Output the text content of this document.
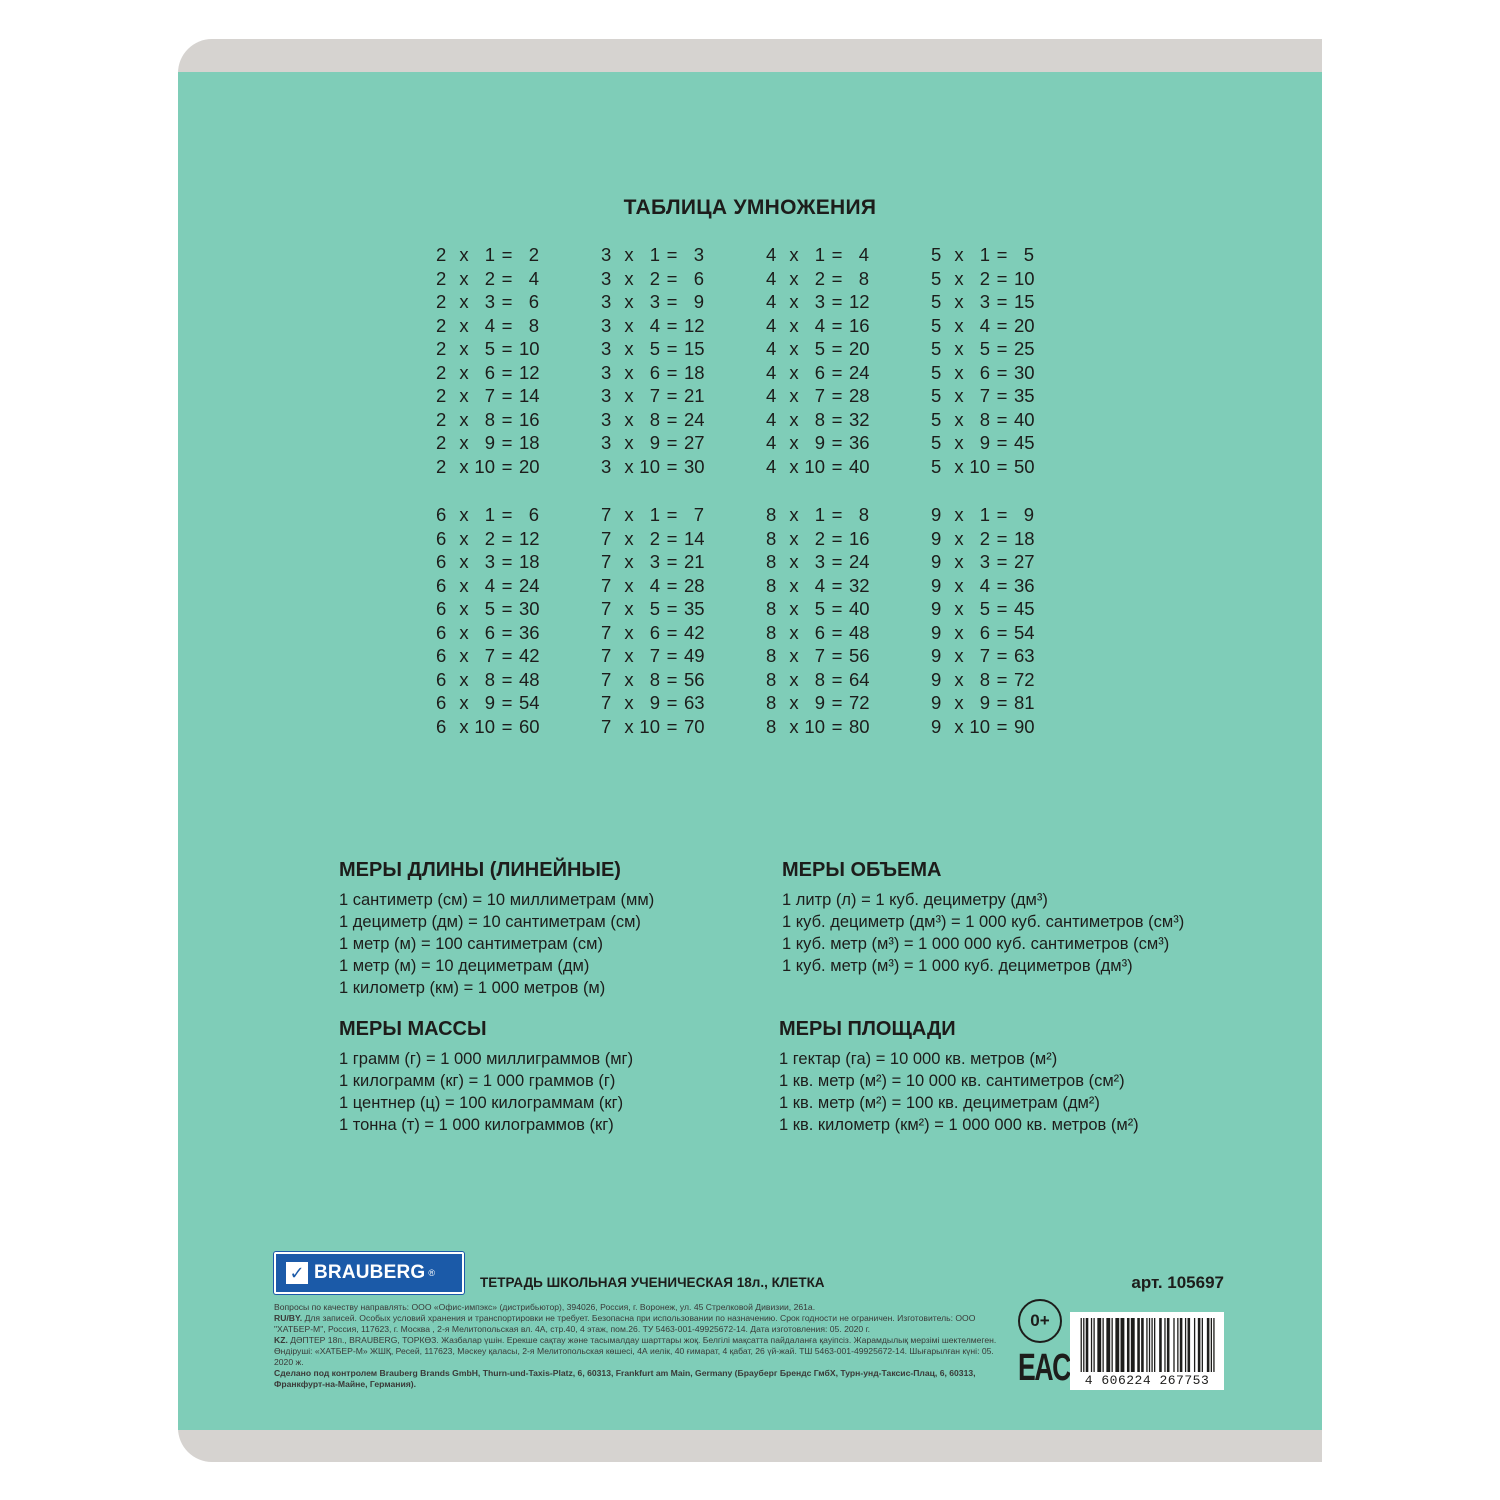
ТАБЛИЦА УМНОЖЕНИЯ
2 x 1 = 2
2 x 2 = 4
2 x 3 = 6
2 x 4 = 8
2 x 5 = 10
2 x 6 = 12
2 x 7 = 14
2 x 8 = 16
2 x 9 = 18
2 x 10 = 20
3 x 1 = 3
3 x 2 = 6
3 x 3 = 9
3 x 4 = 12
3 x 5 = 15
3 x 6 = 18
3 x 7 = 21
3 x 8 = 24
3 x 9 = 27
3 x 10 = 30
4 x 1 = 4
4 x 2 = 8
4 x 3 = 12
4 x 4 = 16
4 x 5 = 20
4 x 6 = 24
4 x 7 = 28
4 x 8 = 32
4 x 9 = 36
4 x 10 = 40
5 x 1 = 5
5 x 2 = 10
5 x 3 = 15
5 x 4 = 20
5 x 5 = 25
5 x 6 = 30
5 x 7 = 35
5 x 8 = 40
5 x 9 = 45
5 x 10 = 50
6 x 1 = 6
6 x 2 = 12
6 x 3 = 18
6 x 4 = 24
6 x 5 = 30
6 x 6 = 36
6 x 7 = 42
6 x 8 = 48
6 x 9 = 54
6 x 10 = 60
7 x 1 = 7
7 x 2 = 14
7 x 3 = 21
7 x 4 = 28
7 x 5 = 35
7 x 6 = 42
7 x 7 = 49
7 x 8 = 56
7 x 9 = 63
7 x 10 = 70
8 x 1 = 8
8 x 2 = 16
8 x 3 = 24
8 x 4 = 32
8 x 5 = 40
8 x 6 = 48
8 x 7 = 56
8 x 8 = 64
8 x 9 = 72
8 x 10 = 80
9 x 1 = 9
9 x 2 = 18
9 x 3 = 27
9 x 4 = 36
9 x 5 = 45
9 x 6 = 54
9 x 7 = 63
9 x 8 = 72
9 x 9 = 81
9 x 10 = 90
МЕРЫ ДЛИНЫ (ЛИНЕЙНЫЕ)
1 сантиметр (см) = 10 миллиметрам (мм)
1 дециметр (дм) = 10 сантиметрам (см)
1 метр (м) = 100 сантиметрам (см)
1 метр (м) = 10 дециметрам (дм)
1 километр (км) = 1 000 метров (м)
МЕРЫ ОБЪЕМА
1 литр (л) = 1 куб. дециметру (дм³)
1 куб. дециметр (дм³) = 1 000 куб. сантиметров (см³)
1 куб. метр (м³) = 1 000 000 куб. сантиметров (см³)
1 куб. метр (м³) = 1 000 куб. дециметров (дм³)
МЕРЫ МАССЫ
1 грамм (г) = 1 000 миллиграммов (мг)
1 килограмм (кг) = 1 000 граммов (г)
1 центнер (ц) = 100 килограммам (кг)
1 тонна (т) = 1 000 килограммов (кг)
МЕРЫ ПЛОЩАДИ
1 гектар (га) = 10 000 кв. метров (м²)
1 кв. метр (м²) = 10 000 кв. сантиметров (см²)
1 кв. метр (м²) = 100 кв. дециметрам (дм²)
1 кв. километр (км²) = 1 000 000 кв. метров (м²)
✓ BRAUBERG ®
ТЕТРАДЬ ШКОЛЬНАЯ УЧЕНИЧЕСКАЯ 18л., КЛЕТКА	арт. 105697
Вопросы по качеству направлять: ООО «Офис-импэкс» (дистрибьютор), 394026, Россия, г. Воронеж, ул. 45 Стрелковой Дивизии, 261а.
RU/BY. Для записей. Особых условий хранения и транспортировки не требует. Безопасна при использовании по назначению. Срок годности не ограничен. Изготовитель: ООО "ХАТБЕР-М", Россия, 117623, г. Москва , 2-я Мелитопольская вл. 4А, стр.40, 4 этаж, пом.26. ТУ 5463-001-49925672-14. Дата изготовления: 05. 2020 г.
KZ. ДӘПТЕР 18п., BRAUBERG, ТОРКӨЗ. Жазбалар үшін. Ерекше сақтау және тасымалдау шарттары жоқ. Белгілі мақсатта пайдаланға қауіпсіз. Жарамдылық мерзімі шектелмеген. Өндіруші: «ХАТБЕР-М» ЖШҚ, Ресей, 117623, Мәскеу қаласы, 2-я Мелитопольская көшесі, 4А иелік, 40 ғимарат, 4 қабат, 26 үй-жай. ТШ 5463-001-49925672-14. Шығарылған күні: 05. 2020 ж.
Сделано под контролем Brauberg Brands GmbH, Thurn-und-Taxis-Platz, 6, 60313, Frankfurt am Main, Germany (Брауберг Брендс ГмбХ, Турн-унд-Таксис-Плац, 6, 60313, Франкфурт-на-Майне, Германия).
0+
EAC	4 606224 267753
